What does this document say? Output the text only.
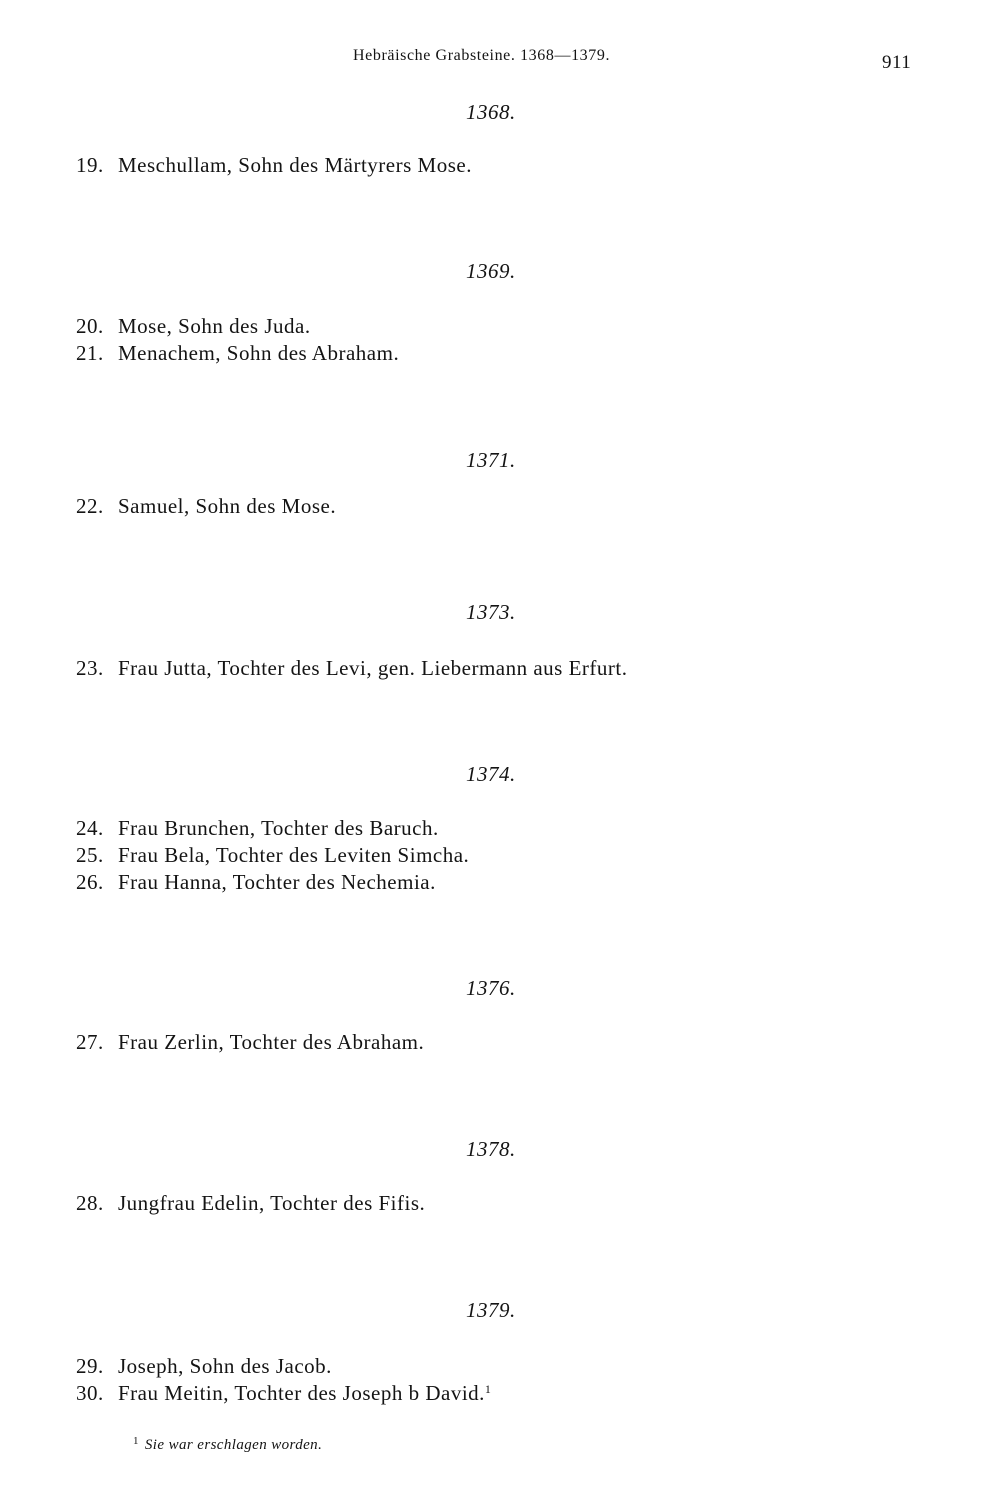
Hebräische Grabsteine. 1368—1379.	911
1368.
19. Meschullam, Sohn des Märtyrers Mose.
1369.
20. Mose, Sohn des Juda.
21. Menachem, Sohn des Abraham.
1371.
22. Samuel, Sohn des Mose.
1373.
23. Frau Jutta, Tochter des Levi, gen. Liebermann aus Erfurt.
1374.
24. Frau Brunchen, Tochter des Baruch.
25. Frau Bela, Tochter des Leviten Simcha.
26. Frau Hanna, Tochter des Nechemia.
1376.
27. Frau Zerlin, Tochter des Abraham.
1378.
28. Jungfrau Edelin, Tochter des Fifis.
1379.
29. Joseph, Sohn des Jacob.
30. Frau Meitin, Tochter des Joseph b David.$^1$
$^1$ Sie war erschlagen worden.
